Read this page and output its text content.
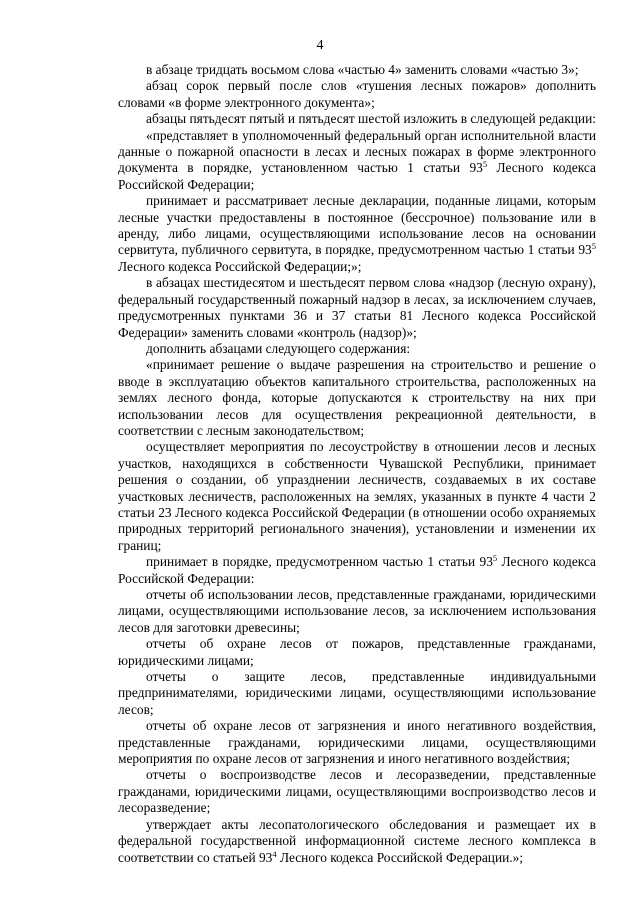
4

в абзаце тридцать восьмом слова «частью 4» заменить словами «частью 3»;

абзац сорок первый после слов «тушения лесных пожаров» дополнить словами «в форме электронного документа»;

абзацы пятьдесят пятый и пятьдесят шестой изложить в следующей редакции:

«представляет в уполномоченный федеральный орган исполнительной власти данные о пожарной опасности в лесах и лесных пожарах в форме электронного документа в порядке, установленном частью 1 статьи $93^5$ Лесного кодекса Российской Федерации;

принимает и рассматривает лесные декларации, поданные лицами, которым лесные участки предоставлены в постоянное (бессрочное) пользование или в аренду, либо лицами, осуществляющими использование лесов на основании сервитута, публичного сервитута, в порядке, предусмотренном частью 1 статьи $93^5$ Лесного кодекса Российской Федерации;»;

в абзацах шестидесятом и шестьдесят первом слова «надзор (лесную охрану), федеральный государственный пожарный надзор в лесах, за исключением случаев, предусмотренных пунктами 36 и 37 статьи 81 Лесного кодекса Российской Федерации» заменить словами «контроль (надзор)»;

дополнить абзацами следующего содержания:

«принимает решение о выдаче разрешения на строительство и решение о вводе в эксплуатацию объектов капитального строительства, расположенных на землях лесного фонда, которые допускаются к строительству на них при использовании лесов для осуществления рекреационной деятельности, в соответствии с лесным законодательством;

осуществляет мероприятия по лесоустройству в отношении лесов и лесных участков, находящихся в собственности Чувашской Республики, принимает решения о создании, об упразднении лесничеств, создаваемых в их составе участковых лесничеств, расположенных на землях, указанных в пункте 4 части 2 статьи 23 Лесного кодекса Российской Федерации (в отношении особо охраняемых природных территорий регионального значения), установлении и изменении их границ;

принимает в порядке, предусмотренном частью 1 статьи $93^5$ Лесного кодекса Российской Федерации:

отчеты об использовании лесов, представленные гражданами, юридическими лицами, осуществляющими использование лесов, за исключением использования лесов для заготовки древесины;

отчеты об охране лесов от пожаров, представленные гражданами, юридическими лицами;

отчеты о защите лесов, представленные индивидуальными предпринимателями, юридическими лицами, осуществляющими использование лесов;

отчеты об охране лесов от загрязнения и иного негативного воздействия, представленные гражданами, юридическими лицами, осуществляющими мероприятия по охране лесов от загрязнения и иного негативного воздействия;

отчеты о воспроизводстве лесов и лесоразведении, представленные гражданами, юридическими лицами, осуществляющими воспроизводство лесов и лесоразведение;

утверждает акты лесопатологического обследования и размещает их в федеральной государственной информационной системе лесного комплекса в соответствии со статьей $93^4$ Лесного кодекса Российской Федерации.»;
